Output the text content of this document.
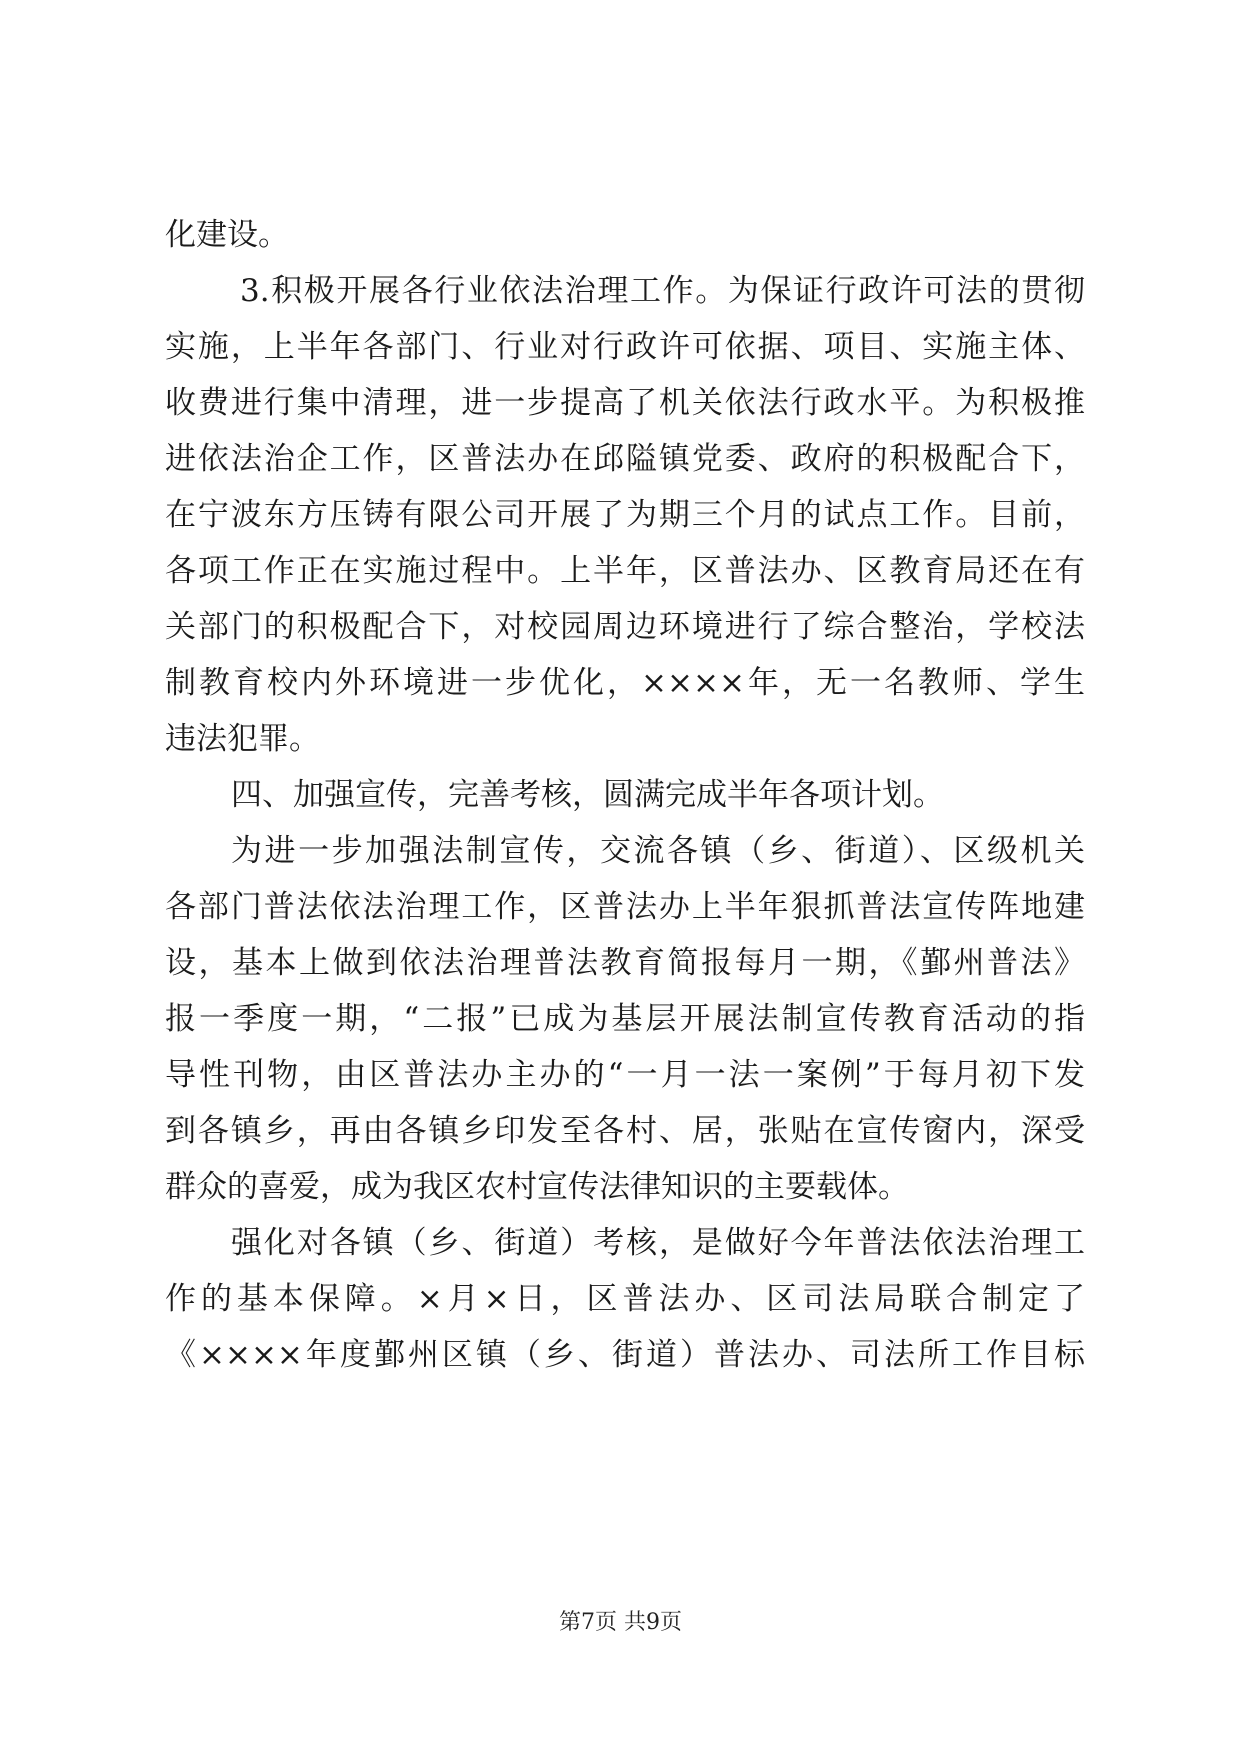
化建设。
3.积极开展各行业依法治理工作。为保证行政许可法的贯彻
实施，上半年各部门、行业对行政许可依据、项目、实施主体、
收费进行集中清理，进一步提高了机关依法行政水平。为积极推
进依法治企工作，区普法办在邱隘镇党委、政府的积极配合下，
在宁波东方压铸有限公司开展了为期三个月的试点工作。目前，
各项工作正在实施过程中。上半年，区普法办、区教育局还在有
关部门的积极配合下，对校园周边环境进行了综合整治，学校法
制教育校内外环境进一步优化，××××年，无一名教师、学生
违法犯罪。
四、加强宣传，完善考核，圆满完成半年各项计划。
为进一步加强法制宣传，交流各镇（乡、街道）、区级机关
各部门普法依法治理工作，区普法办上半年狠抓普法宣传阵地建
设，基本上做到依法治理普法教育简报每月一期，《鄞州普法》
报一季度一期，“二报”已成为基层开展法制宣传教育活动的指
导性刊物，由区普法办主办的“一月一法一案例”于每月初下发
到各镇乡，再由各镇乡印发至各村、居，张贴在宣传窗内，深受
群众的喜爱，成为我区农村宣传法律知识的主要载体。
强化对各镇（乡、街道）考核，是做好今年普法依法治理工
作的基本保障。×月×日，区普法办、区司法局联合制定了
《××××年度鄞州区镇（乡、街道）普法办、司法所工作目标
第7页 共9页
